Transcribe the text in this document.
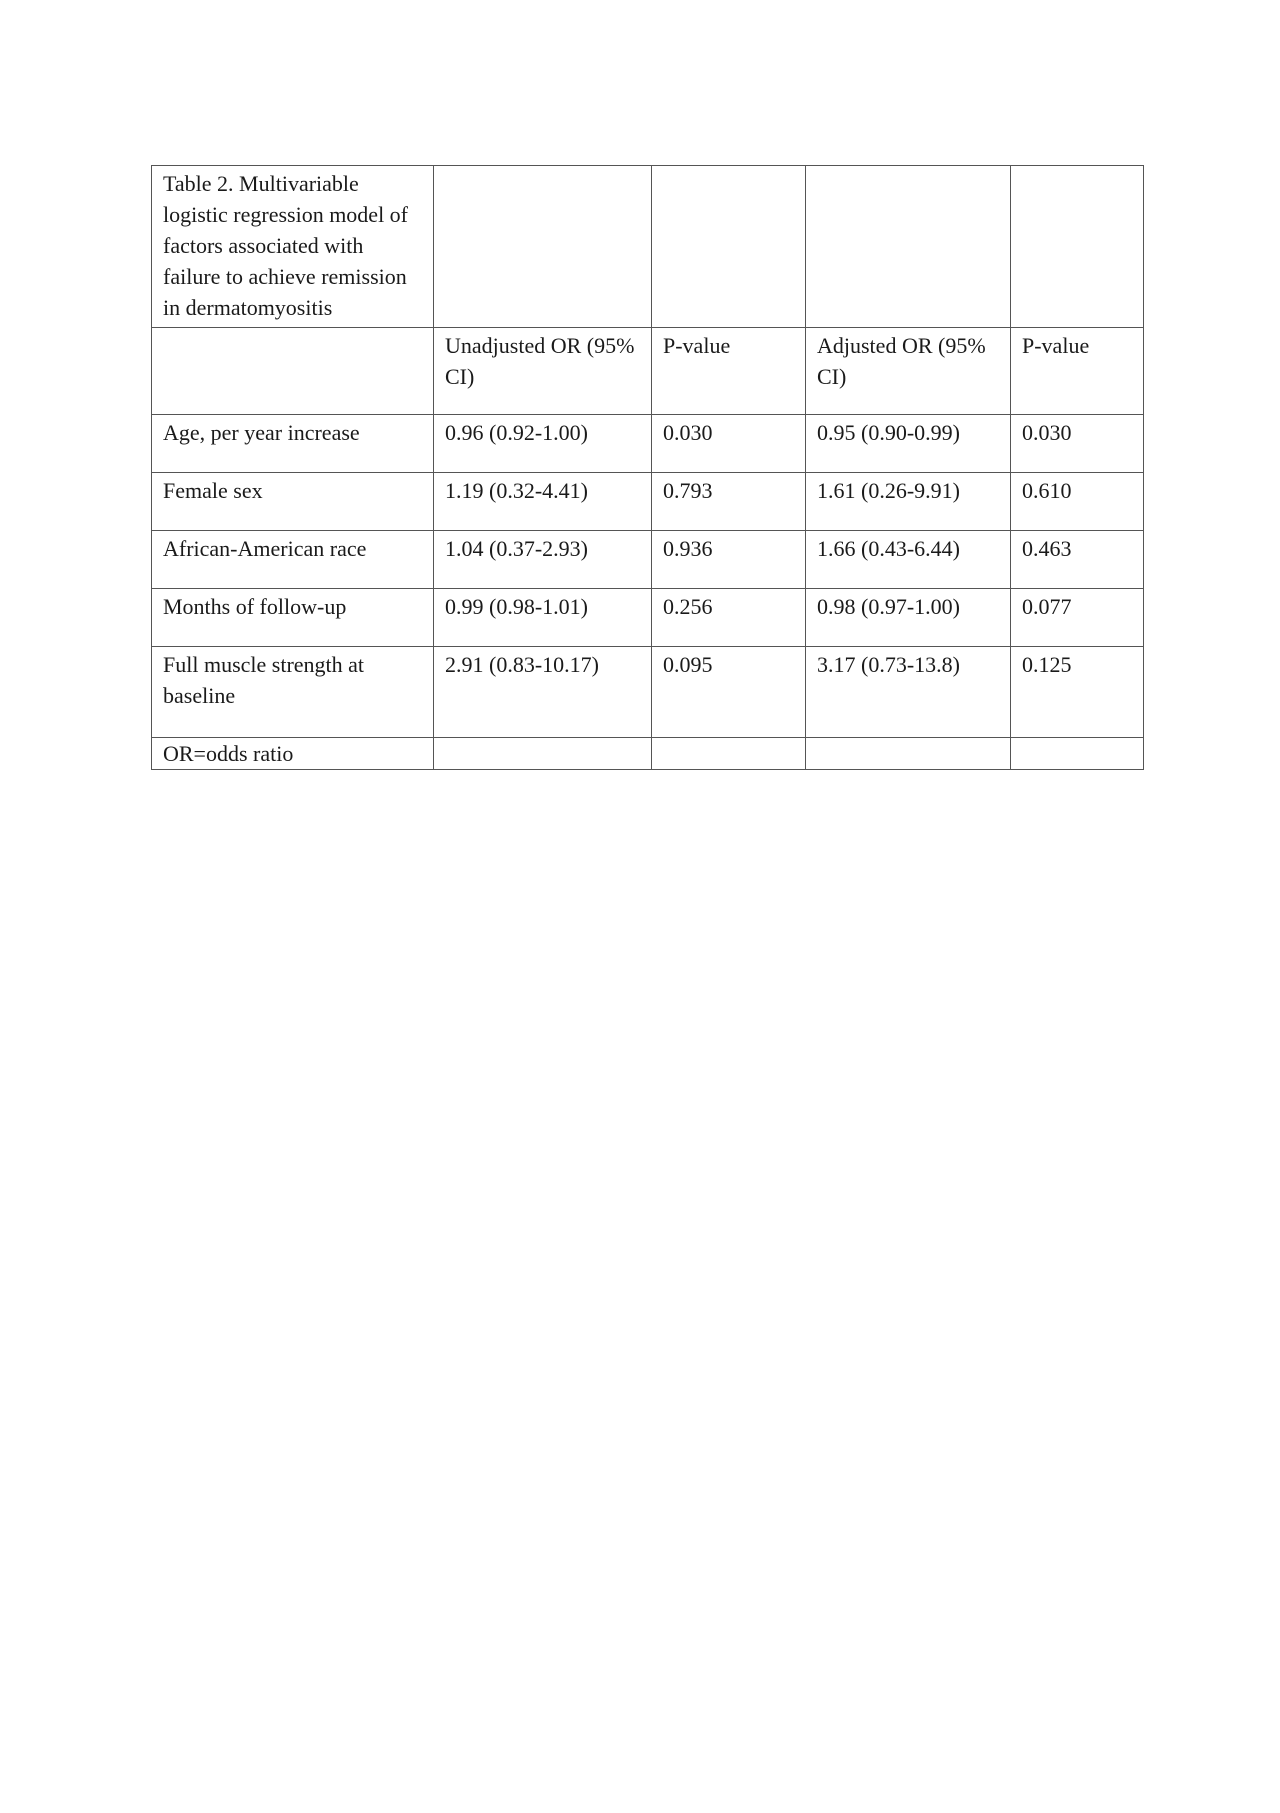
Table 2. Multivariable logistic regression model of factors associated with failure to achieve remission in dermatomyositis				
	Unadjusted OR (95% CI)	P-value	Adjusted OR (95% CI)	P-value
Age, per year increase	0.96 (0.92-1.00)	0.030	0.95 (0.90-0.99)	0.030
Female sex	1.19 (0.32-4.41)	0.793	1.61 (0.26-9.91)	0.610
African-American race	1.04 (0.37-2.93)	0.936	1.66 (0.43-6.44)	0.463
Months of follow-up	0.99 (0.98-1.01)	0.256	0.98 (0.97-1.00)	0.077
Full muscle strength at baseline	2.91 (0.83-10.17)	0.095	3.17 (0.73-13.8)	0.125
OR=odds ratio				
